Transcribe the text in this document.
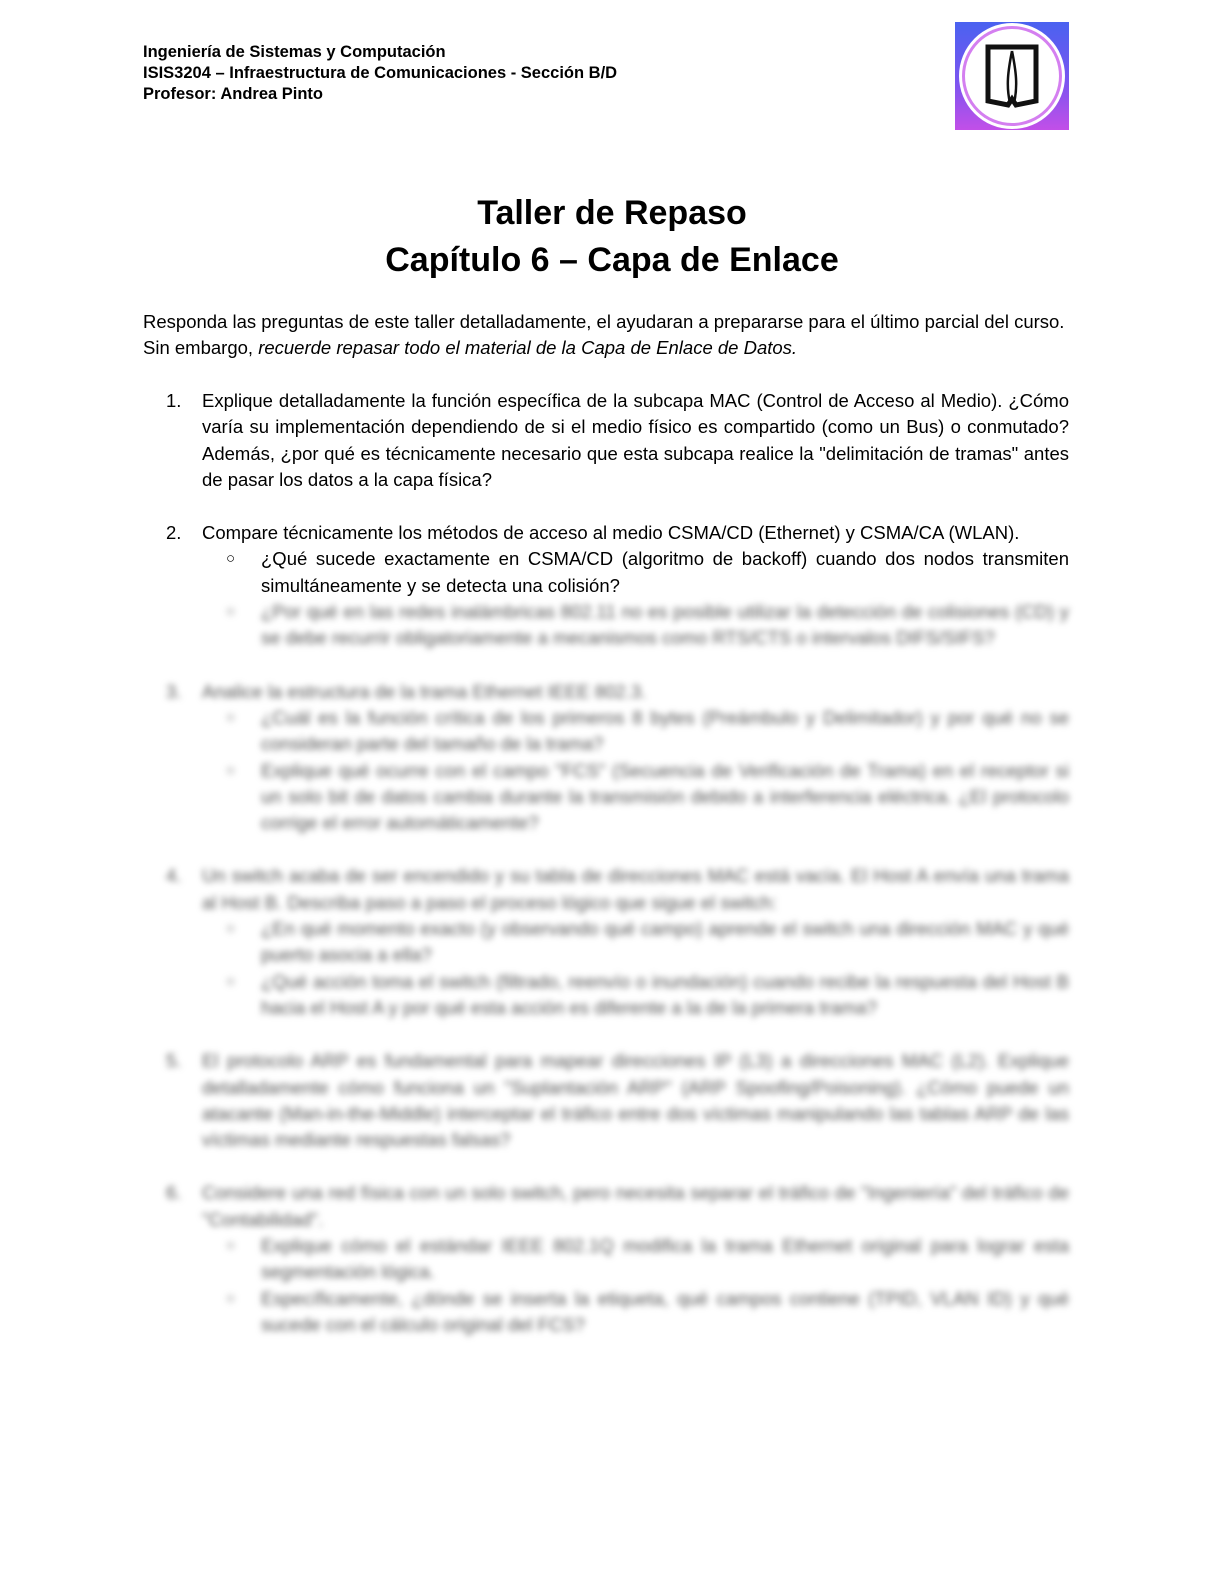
Ingeniería de Sistemas y Computación
ISIS3204 – Infraestructura de Comunicaciones - Sección B/D
Profesor: Andrea Pinto
Taller de Repaso
Capítulo 6 – Capa de Enlace
Responda las preguntas de este taller detalladamente, el ayudaran a prepararse para el último parcial del curso. Sin embargo, recuerde repasar todo el material de la Capa de Enlace de Datos.
1. Explique detalladamente la función específica de la subcapa MAC (Control de Acceso al Medio). ¿Cómo varía su implementación dependiendo de si el medio físico es compartido (como un Bus) o conmutado? Además, ¿por qué es técnicamente necesario que esta subcapa realice la "delimitación de tramas" antes de pasar los datos a la capa física?
2. Compare técnicamente los métodos de acceso al medio CSMA/CD (Ethernet) y CSMA/CA (WLAN).
○ ¿Qué sucede exactamente en CSMA/CD (algoritmo de backoff) cuando dos nodos transmiten simultáneamente y se detecta una colisión?
○ ¿Por qué en las redes inalámbricas 802.11 no es posible utilizar la detección de colisiones (CD) y se debe recurrir obligatoriamente a mecanismos como RTS/CTS o intervalos DIFS/SIFS?
3. Analice la estructura de la trama Ethernet IEEE 802.3.
○ ¿Cuál es la función crítica de los primeros 8 bytes (Preámbulo y Delimitador) y por qué no se consideran parte del tamaño de la trama?
○ Explique qué ocurre con el campo "FCS" (Secuencia de Verificación de Trama) en el receptor si un solo bit de datos cambia durante la transmisión debido a interferencia eléctrica. ¿El protocolo corrige el error automáticamente?
4. Un switch acaba de ser encendido y su tabla de direcciones MAC está vacía. El Host A envía una trama al Host B. Describa paso a paso el proceso lógico que sigue el switch:
○ ¿En qué momento exacto (y observando qué campo) aprende el switch una dirección MAC y qué puerto asocia a ella?
○ ¿Qué acción toma el switch (filtrado, reenvío o inundación) cuando recibe la respuesta del Host B hacia el Host A y por qué esta acción es diferente a la de la primera trama?
5. El protocolo ARP es fundamental para mapear direcciones IP (L3) a direcciones MAC (L2). Explique detalladamente cómo funciona un "Suplantación ARP" (ARP Spoofing/Poisoning). ¿Cómo puede un atacante (Man-in-the-Middle) interceptar el tráfico entre dos víctimas manipulando las tablas ARP de las víctimas mediante respuestas falsas?
6. Considere una red física con un solo switch, pero necesita separar el tráfico de "Ingeniería" del tráfico de "Contabilidad".
○ Explique cómo el estándar IEEE 802.1Q modifica la trama Ethernet original para lograr esta segmentación lógica.
○ Específicamente, ¿dónde se inserta la etiqueta, qué campos contiene (TPID, VLAN ID) y qué sucede con el cálculo original del FCS?
